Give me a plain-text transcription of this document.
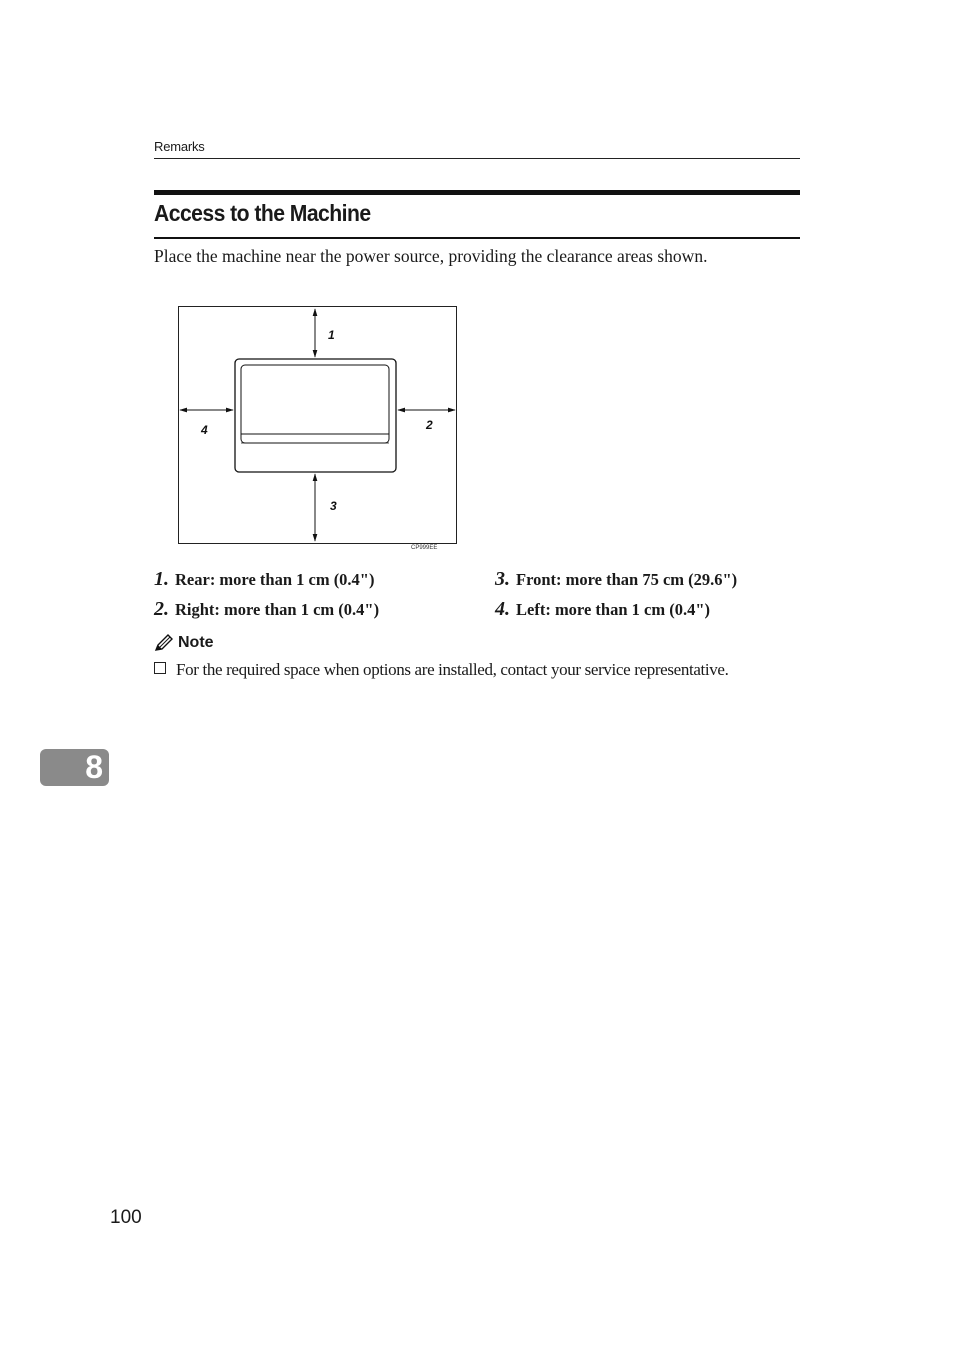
Remarks
Access to the Machine
Place the machine near the power source, providing the clearance areas shown.
1
2
3
4
CP999EE
1. Rear: more than 1 cm (0.4")
2. Right: more than 1 cm (0.4")
3. Front: more than 75 cm (29.6")
4. Left: more than 1 cm (0.4")
Note
For the required space when options are installed, contact your service representative.
8
100
